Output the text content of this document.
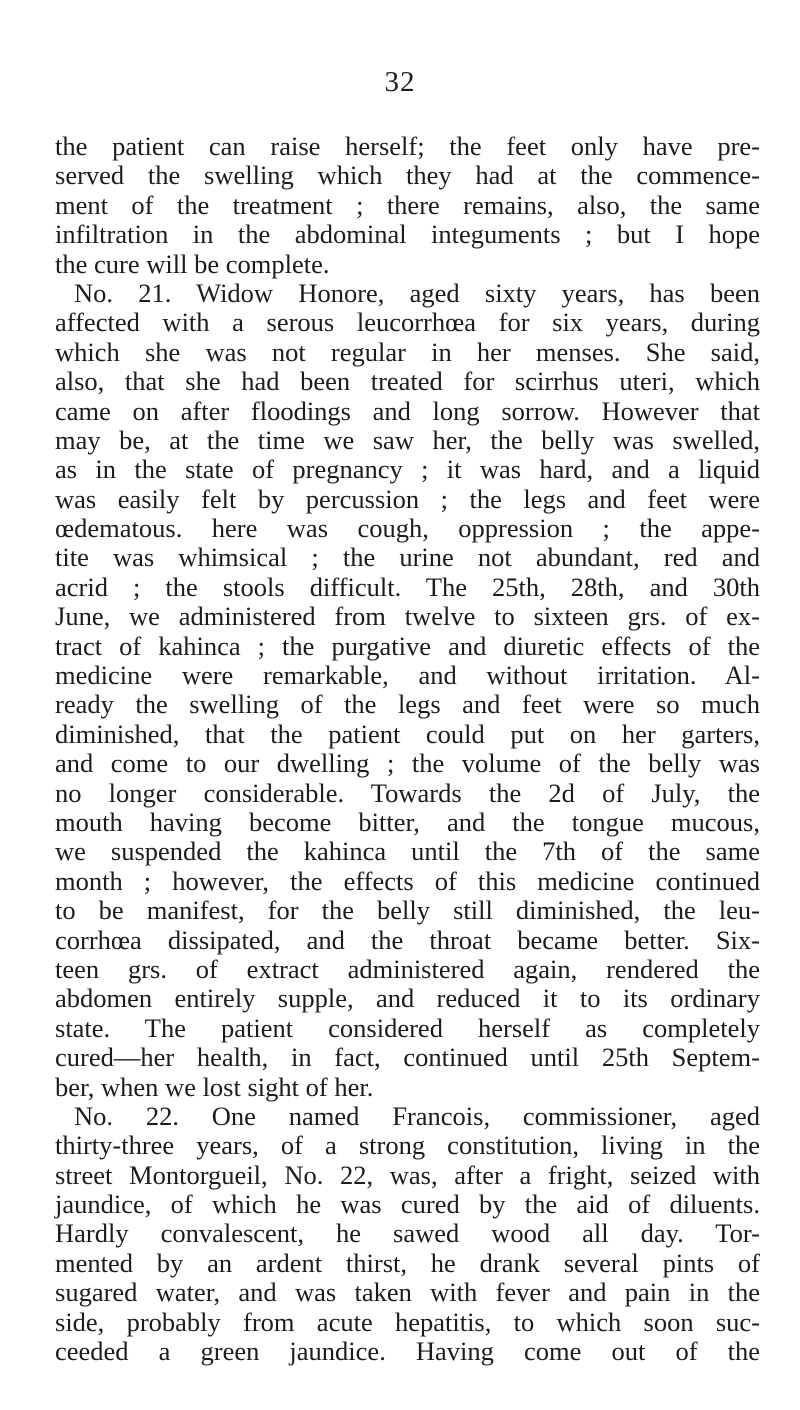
32
the patient can raise herself; the feet only have pre-
served the swelling which they had at the commence-
ment of the treatment ; there remains, also, the same
infiltration in the abdominal integuments ; but I hope
the cure will be complete.
No. 21. Widow Honore, aged sixty years, has been
affected with a serous leucorrhœa for six years, during
which she was not regular in her menses. She said,
also, that she had been treated for scirrhus uteri, which
came on after floodings and long sorrow. However that
may be, at the time we saw her, the belly was swelled,
as in the state of pregnancy ; it was hard, and a liquid
was easily felt by percussion ; the legs and feet were
œdematous. here was cough, oppression ; the appe-
tite was whimsical ; the urine not abundant, red and
acrid ; the stools difficult. The 25th, 28th, and 30th
June, we administered from twelve to sixteen grs. of ex-
tract of kahinca ; the purgative and diuretic effects of the
medicine were remarkable, and without irritation. Al-
ready the swelling of the legs and feet were so much
diminished, that the patient could put on her garters,
and come to our dwelling ; the volume of the belly was
no longer considerable. Towards the 2d of July, the
mouth having become bitter, and the tongue mucous,
we suspended the kahinca until the 7th of the same
month ; however, the effects of this medicine continued
to be manifest, for the belly still diminished, the leu-
corrhœa dissipated, and the throat became better. Six-
teen grs. of extract administered again, rendered the
abdomen entirely supple, and reduced it to its ordinary
state. The patient considered herself as completely
cured—her health, in fact, continued until 25th Septem-
ber, when we lost sight of her.
No. 22. One named Francois, commissioner, aged
thirty-three years, of a strong constitution, living in the
street Montorgueil, No. 22, was, after a fright, seized with
jaundice, of which he was cured by the aid of diluents.
Hardly convalescent, he sawed wood all day. Tor-
mented by an ardent thirst, he drank several pints of
sugared water, and was taken with fever and pain in the
side, probably from acute hepatitis, to which soon suc-
ceeded a green jaundice. Having come out of the
